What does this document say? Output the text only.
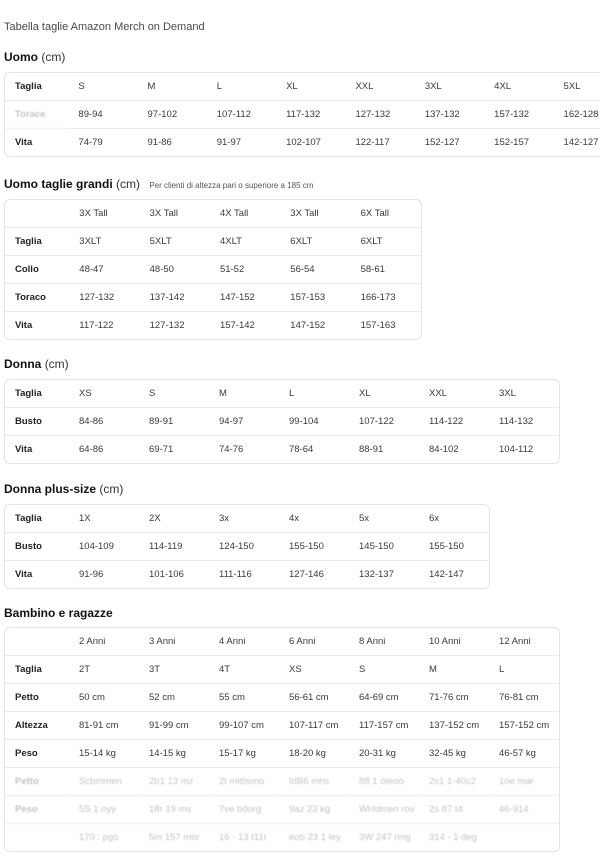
Tabella taglie Amazon Merch on Demand
Uomo (cm)
Taglia	S	M	L	XL	XXL	3XL	4XL	5XL
Torace	89-94	97-102	107-112	117-132	127-132	137-132	157-132	162-128
Vita	74-79	91-86	91-97	102-107	122-117	152-127	152-157	142-127
Uomo taglie grandi (cm) Per clienti di altezza pari o superiore a 185 cm
	3X Tall	3X Tall	4X Tall	3X Tall	6X Tall
Taglia	3XLT	5XLT	4XLT	6XLT	6XLT
Collo	48-47	48-50	51-52	56-54	58-61
Toraco	127-132	137-142	147-152	157-153	166-173
Vita	117-122	127-132	157-142	147-152	157-163
Donna (cm)
Taglia	XS	S	M	L	XL	XXL	3XL
Busto	84-86	89-91	94-97	99-104	107-122	114-122	114-132
Vita	64-86	69-71	74-76	78-64	88-91	84-102	104-112
Donna plus-size (cm)
Taglia	1X	2X	3x	4x	5x	6x
Busto	104-109	114-119	124-150	155-150	145-150	155-150
Vita	91-96	101-106	111-116	127-146	132-137	142-147
Bambino e ragazze
	2 Anni	3 Anni	4 Anni	6 Anni	8 Anni	10 Anni	12 Anni
Taglia	2T	3T	4T	XS	S	M	L
Petto	50 cm	52 cm	55 cm	56-61 cm	64-69 cm	71-76 cm	76-81 cm
Altezza	81-91 cm	91-99 cm	99-107 cm	107-117 cm	117-157 cm	137-152 cm	157-152 cm
Peso	15-14 kg	14-15 kg	15-17 kg	18-20 kg	20-31 kg	32-45 kg	46-57 kg
Petto	Scbmmen	2b1 13 mz	2t mitlismo	IdB6 mhs	88 1 oteoo	2s1 1-40c2	1oe mar
Peso	5S 1 nyy	18r 19 ms	7ve bdorg	9az 23 kg	WHdmen rov	2s 87 t4	46-914
	170 : pgo	5m 157 mor	16 - 13 t11t	eob 23 1 ley	3W 247 rmg	314 - 1 deg	
